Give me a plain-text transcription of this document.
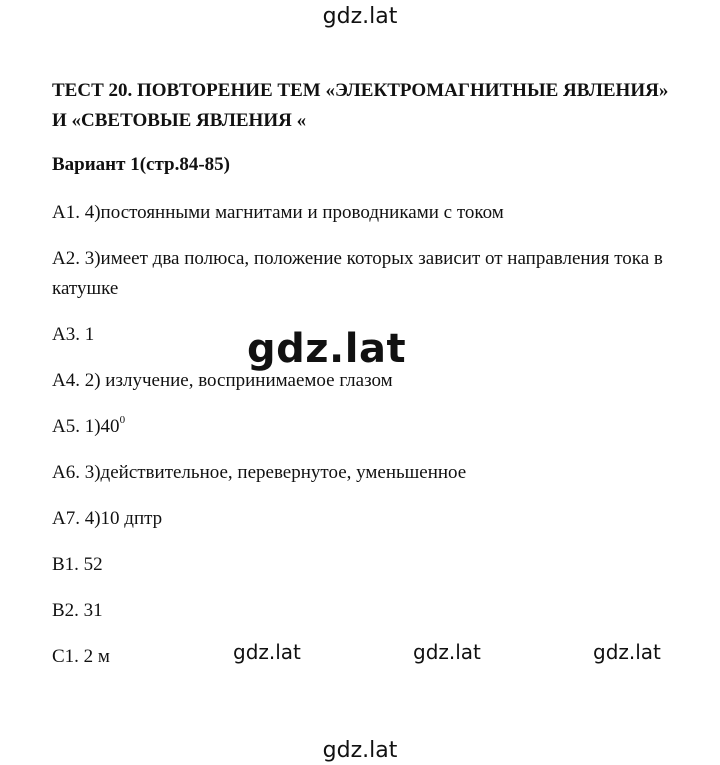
gdz.lat

ТЕСТ 20. ПОВТОРЕНИЕ ТЕМ «ЭЛЕКТРОМАГНИТНЫЕ ЯВЛЕНИЯ» И «СВЕТОВЫЕ ЯВЛЕНИЯ «

Вариант 1(стр.84-85)

А1. 4)постоянными магнитами и проводниками с током

А2. 3)имеет два полюса, положение которых зависит от направления тока в катушке

А3. 1

А4. 2) излучение, воспринимаемое глазом

А5. $1)40^0$

А6. 3)действительное, перевернутое, уменьшенное

А7. 4)10 дптр

В1. 52

В2. 31

С1. 2 м

gdz.lat
gdz.lat	gdz.lat	gdz.lat
gdz.lat
